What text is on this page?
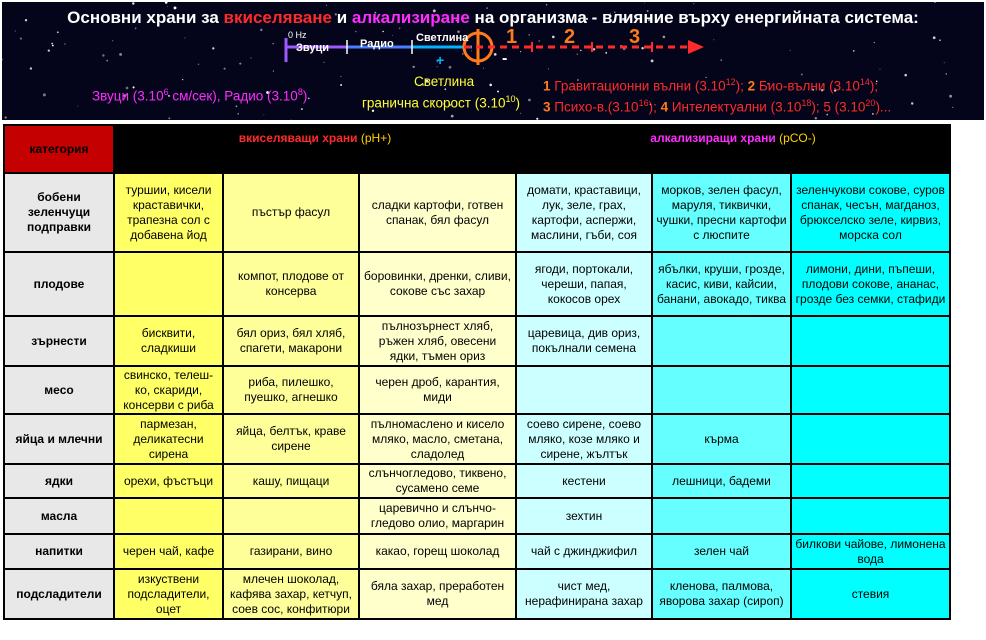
Основни храни за вкиселяване и алкализиране на организма - влияние върху енергийната система:
0 Hz
Звуци	Радио Светлина
+	-
1 2	3
Светлина
гранична скорост (3.10$^{10}$)
Звуци (3.10$^6$ см/сек), Радио (3.10$^8$)
1 Гравитационни вълни (3.10$^{12}$); 2 Био-вълни (3.10$^{14}$);
3 Психо-в.(3.10$^{16}$); 4 Интелектуални (3.10$^{18}$); 5 (3.10$^{20}$)...
категория	вкиселяващи храни (pH+)			алкализиращи храни (pCO-)		
	високо	средно	ниско	ниско	средно	високо
бобени зеленчуци подправки	туршии, кисели краставички, трапезна сол с добавена йод	пъстър фасул	сладки картофи, готвен спанак, бял фасул	домати, краставици, лук, зеле, грах, картофи, аспержи, маслини, гъби, соя	морков, зелен фасул, маруля, тиквички, чушки, пресни картофи с люспите	зеленчукови сокове, суров спанак, чесън, магданоз, брюкселско зеле, кирвиз, морска сол
плодове		компот, плодове от консерва	боровинки, дренки, сливи, сокове със захар	ягоди, портокали, череши, папая, кокосов орех	ябълки, круши, грозде, касис, киви, кайсии, банани, авокадо, тиква	лимони, дини, пъпеши, плодови сокове, ананас, грозде без семки, стафиди
зърнести	бисквити, сладкиши	бял ориз, бял хляб, спагети, макарони	пълнозърнест хляб, ръжен хляб, овесени ядки, тъмен ориз	царевица, див ориз, покълнали семена		
месо	свинско, телеш-ко, скариди, консерви с риба	риба, пилешко, пуешко, агнешко	черен дроб, карантия, миди			
яйца и млечни	пармезан, деликатесни сирена	яйца, белтък, краве сирене	пълномаслено и кисело мляко, масло, сметана, сладолед	соево сирене, соево мляко, козе мляко и сирене, жълтък	кърма	
ядки	орехи, фъстъци	кашу, пищаци	слънчогледово, тиквено, сусамено семе	кестени	лешници, бадеми	
масла			царевично и слънчо-гледово олио, маргарин	зехтин		
напитки	черен чай, кафе	газирани, вино	какао, горещ шоколад	чай с джинджифил	зелен чай	билкови чайове, лимонена вода
подсладители	изкуствени подсладители, оцет	млечен шоколад, кафява захар, кетчуп, соев сос, конфитюри	бяла захар, преработен мед	чист мед, нерафинирана захар	кленова, палмова, яворова захар (сироп)	стевия
